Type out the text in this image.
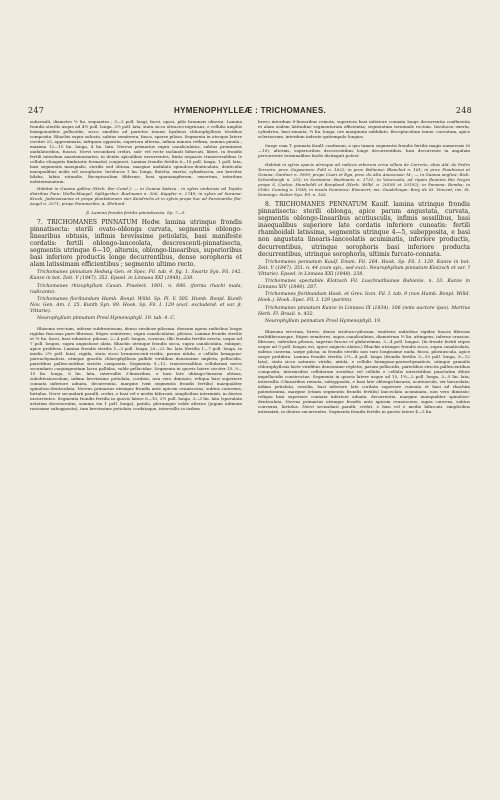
247	HYMENOPHYLLEÆ : TRICHOMANES.	248

subsessili, diametro ½ lin. sequantes ; 3—3 poll. longi, facei, opaci, pilis brunneis obsessi. Lamina frondis sterilis usque ad 4½ poll. longa, 2½ poll. lata, statu sicco olivaceo-nigricans, e cellulis ampliis hexagonoideis pellucidis, sicco emolitis ad parietes tenues hyalinos chlorophyllosis tristibus composita. Rhachis supra sulcata, subtus semiterea, fusca, sparse pilosa. Segmenta in utroque latere circiter 25, approximata, infripara opposita, superiora alterna, infima minora reflexa, summa pinula ; maxima 12—15 lin. longa, 4 lin. lata. Nervus primarius supra canaliculatus, subtus prominens undulatoribus, fuscus. Nervi secundarii crebri, sub- vel recte inclinati bifurcati, liberi, in frondis fertili interdum anastomosantes; in dentis apicalibus excurrentes, finita sequacis transversalibus (e cellulis elongatis fimbriatis formatis) conjuncti. Lamina frondis fertilis 6—18 poll. longa, 1 poll. lata, basi segmentis inaequalis, sterilis sed obtusa, margine undulato spinuloso-denticulata, denticulis inaequalibus nodis vel sorophoris. Involucra 1 lin. longa, flutcha, exerta, cylindracea, ore breviter bilaba, labiis rotundis. Receptaculum filiforme, basi sparsangiferum, exsertum, interdum indeterminatum.

Habitat in Guiana gallica (Herb. Bor Cand.): — in Guiana batava : in sylvis umbrosis ad Tapiño distribus Para: Wullschlaegel, Splitgerber, Boelmann n. 306, Kappler n. 2749; in sylvis ad Surama-Kreek, Jodensavanne et prope plantationem vier Kendrichs et in sylvis prope hoc ad Paramaribo flor. Angel n. 2071; prope Paramaribo: A. Ehrhard.

β. Lamina frondis fertilis pinnatisecta. Sp. 7—9.

7. TRICHOMANES PINNATUM Hedw. lamina utrinque frondis pinnatisecta: sterili ovato-oblonga curvata, segmentis oblongo-linearibus obtusis, infimis brevissime petiolatis, basi manifeste cordatis: fertili oblongo-lanceolata, descrescenti-pinnatisecta, segmentis utrinque 6—10, alternis, oblongo-linearibus, superioribus basi inferiore productis longe decurrentibus, dense sorophoris et alam latissimam efficientibus ; segmento ultimo recto.

Trichomanes pinnatum Hedwig Gen. et Spec. Fil. tab. 4. fig. 1. Swartz Syn. Fil. 142. Kunze in bot. Zeit. V (1847). 352. Epsed. in Linnaea XXI (1848), 238.

Trichomanes rhizophyllum Cavan. Praelect. 1801. n. 696. (forma rhachi nuda, radicante).

Trichomanes floribundum Humb. Bonpl. Willd. Sp. Pl. V. 505. Humb. Bonpl. Kunth Nov. Gen. Am. I. 25. Kunth Syn. 89. Hook. Sp. Fil. I. 129 (excl. excludend. et var. β. Vittarie).

Neurophyllum pinnatum Presl Hymenophyll. 19. tab. 4. C.

Rhizoma erectum, inferne subfrentosum, denso strobozo-pilosum, densum agens radicibus longis rigidas fuscosas pure fibrosas. Stipes semitereo, supra canaliculatus, pilosus. Lamina frondis sterilis et ½ lin. facei, basi robustior, pilosus, 2—4 poll. longus, corneus; illic frondis fertilis erecta, usque ad 7 poll. longus, supra angustiose alata. Rhachis utrinque frondis sicca, supra canaliculata, rubique, apice prolifera. Lamina frondis sterilis 1—3 poll. longa, 20—22 lin. lata (fertilis 1—7 poll. longa, in medio 2½ poll. lata), rigida, statu sicco brunnescenti-viridis, parum nitida, e cellulis hexagono-parenchymaticis, utinque gracilis chlorophyllosis pallide viridibus densissime impleta, pellucidis, parietibus pallescentibus strictis composita. Segmenta 9—12, transversalibus cellularum nervo secundario conjungentium lacra pallidas, valde pellucidae. Segmenta in quovis latere circiter 15, 9—15 lin. longa, 6 lin. lata, intervallis 3-linearibus, e basi late oblongo-linearia obtusa, subobtusiusculum; infima brevissime petiolata, cordata, non vero dimissio; reliqua basi superiore connata inferiore adnata, decurrentia, margine (vixt segmentis frondis fertilis) inaequaliter spinuloso-denticulata. Nervus primarius utrinque frondis ante apicem evanescens, subtus convexus, hirtulus. Nervi secundarii paralli, crebri, e basi vel e medio bifurcati, simplicibus intermixti, in dentes excurrentes. Segmenta frondis fertilis in quovis latere 6—10, 2½ poll. longa, 3—5 lin. lata (sporulata aetatem decrescentia, summa via 1 poll. longa), patula, plerumque valde alterne (jugum infimum rarissime subopposita), tum brevissime petiolata cordataque, intervallis in iisdem

brevo interdum 8-linearibus remota, superiora basi inferiore connata longe decurrentia confluentia et alam eadem latitudine segmentorum efficientia; segmentum terminale rectum. Involucra exerta, cylindrica, basi sinuata, ½ lin. longa, ore marginata subbilato. Receptaculum tenue, curvatum, apice sclerinorum, interdum indeute quitempulo longius.

Surge cum T. pennata Kaulf. confusum, a quo tamen segmentis frondis fertilis magis numerosis (6—10), alternis, superioribus decescentibus longe decurrentibus, basi decurrente in angulum percurrente terminalibus facile distinguit potest.

Habitat in sylvis opacis utrinque ad radices arborum circa villam de Carreño, alias Ald. de Pedro Terceiro, prov. Goyasensis: Pohl n. 1622; in prov. Bahiensi: Blanchet n. 161; in prov. Piauhiensi et Goiana: Gardner n. 3909; prope Coari et Ega, prov. do Alto Amazonas: M.; — in Guiana anglica: Rich. Schomburgk n. 253; in Surinamo: Boelmann n. 1731; in Venezuela, ad ripam fluminis Rio Negro prope S. Carlos: Humboldt et Bonpland (Herb. Willd. n. 20185 et 20192); in Panama: Remba; in Chile: Cuming n. 1938; in insula Dominica: Eismeert; ins. Guadeloupe: Bory de St. Vincent; ins. St. Domingo: Sieber Syn. Fil. n. 163.

8. TRICHOMANES PENNATUM Kaulf. lamina utrinque frondis pinnatisecta: sterili oblonga, apice parum angustata, curvata, segmentis oblongo-linearibus acutiusculis, infimis sessilibus, basi inaequalibus superiore late cordatis inferiore cuneatis: fertili rhamboidali latissima, segmentis utrinque 4—5, subopposita, e basi non angustata linearis-lanceolatis acuminatis, inferiore productis, decurrentibus, utrinque sorophoris basi inferiore producta decurrentibus, utrinque sorophoris, ultimis furcato-connata.

Trichomanes pennatum Kaulf. Enum. Fil. 264. Hook. Sp. Fil. I. 129. Kunze in bot. Zeit. V (1847). 351. n. 44 (cum syn., sed excl.: Neurophyllum pinnatum Klotzsch et var. ? Vittarie). Epsed. in Linnaea XXI (1848). 238.

Trichomanes spectabile Klotzsch Fil. Luschnathianae Bahienis. n. 33. Kunze in Linnaea XIV (1840). 287.

Trichomanes floribundum Hook. et Grev. Icon. Fil. I. tab. 9 (non Humb. Bonpl. Willd. Hook.). Hook. Spec. Fil. I. 129 (partim).

Trichomanes pinnatum Kunze in Linnaea IX (1834). 106 (note auctore ipso). Martius Herb. Fl. Brasil. n. 432.

Neurophyllum pennatum Presl Hymenophyll. 19.

Rhizoma erectum, breve, dense strobozo-pilosum, emittens radicibus rigidas fuscas fibrosas multifibrosasque. Stipes semiteres, supra canaliculatus, diametrum ½ lin. attingens, inferne crassior, fibrosus, subrubra pilosus, superne fuscus et glaberrimus, 3—4 poll. longus. (In fronde fertili stipes usque ad 9 poll. longus est, apice angusto alatus.) Rhachis utrinque frondis sicca, supra canaliculata, subtus convexa, saepe pilosa; in frondis sterilis non raro longissime nuda, fusca, pilosiuscula, apice saepe prolifera. Lamina frondis sterilis 2½—4 poll. longa (frondis fertilis 3—10 poll. longa, 8—12 lata), statu sicco saturato viridis, nitida, e cellulis hexagono-parenchymaticis, utinque granulis chlorophyllosis laete viridibus densissime repletis, parum pellucidis, parietibus strictis pallescentibus composita; intermedios cellularum seriebus vel cellulis e cellulis interstitibus punctatim dilute impellucidis constructae. Segmenta in quovis latere usque ad 15, 1½—2 poll. longa, 3—5 lin. lata, intervallis 3-linearibus remota, subopposita, e basi late oblonga-linearia, acutiuscula, vix lanceolata; infima petiolata, sessilia, basi inferiore late cordata superiore cuneata et basi ad rhachim patentissima, margine (etiam segmentis frondis fertilis) lanceolata acuminata, non vero dimissio; reliqua basi superiore connata inferiore adnata, decurrentia, margine inaequaliter spinuloso-denticulata. Nervus primarius utrinque frondis ante apicem evanescens, supra convexa, subtus convexus, hirtulus. Nervi secundarii paralli, crebri, e basi vel e medio bifurcati, simplicibus intermixti, in dentes excurrentes. Segmenta frondis fertilis in quovis latere 4—5 lin.
